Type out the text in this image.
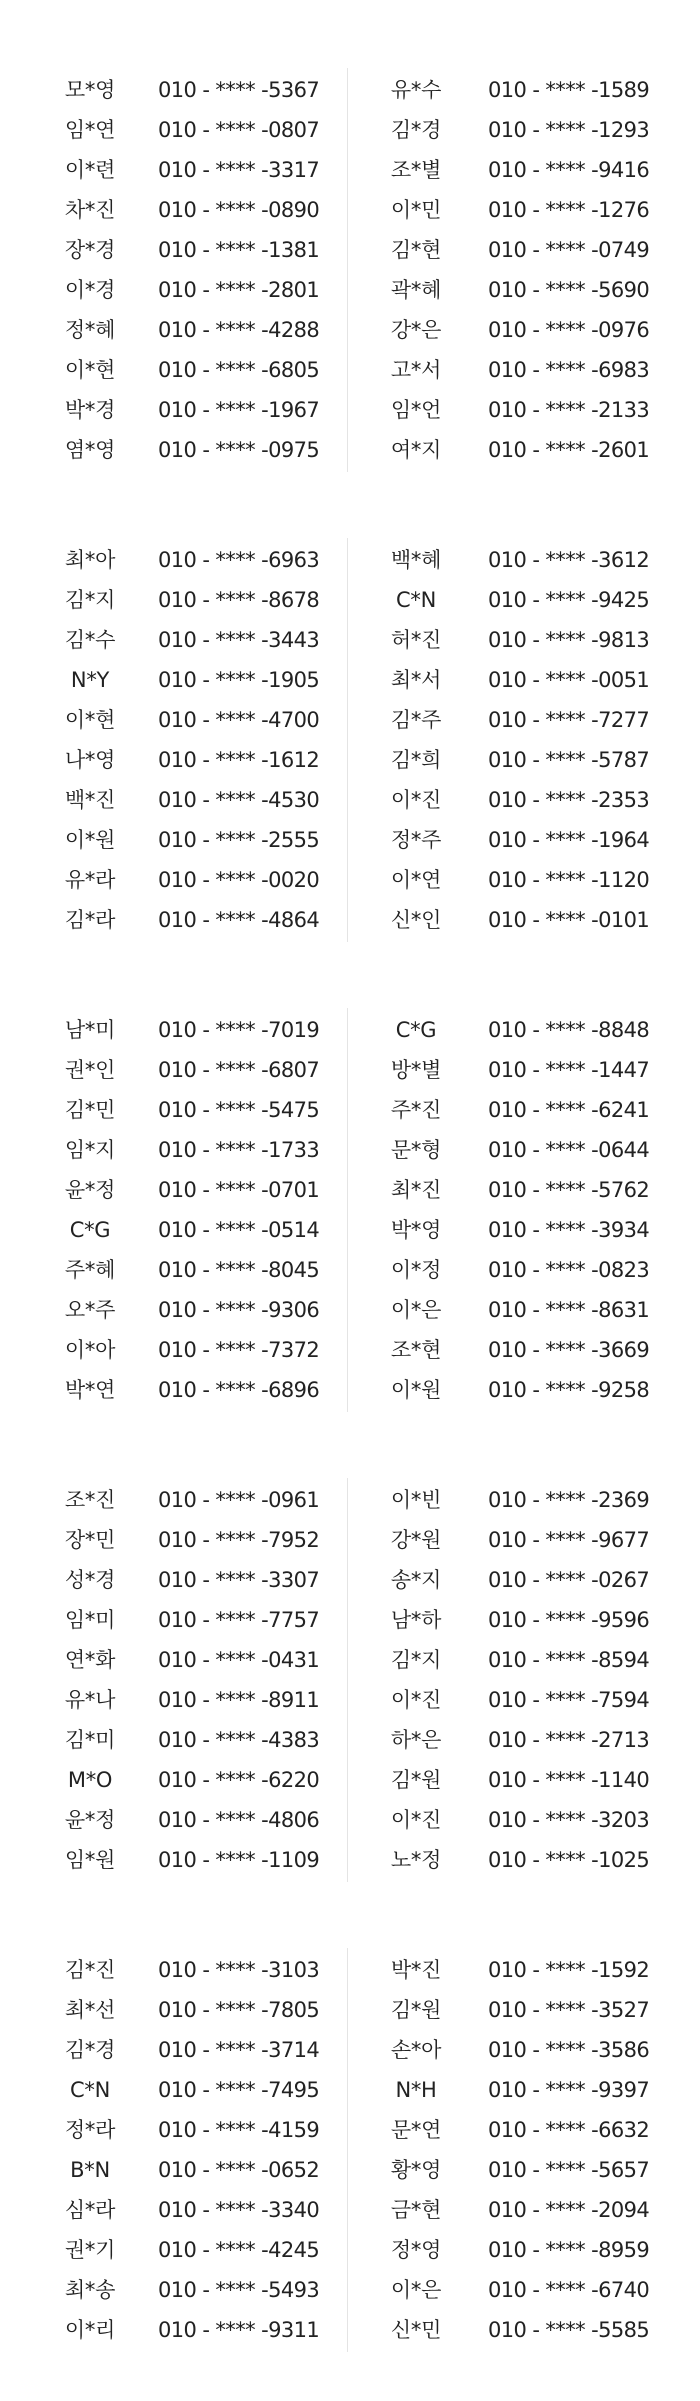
모*영 010 - **** -5367
임*연 010 - **** -0807
이*련 010 - **** -3317
차*진 010 - **** -0890
장*경 010 - **** -1381
이*경 010 - **** -2801
정*혜 010 - **** -4288
이*현 010 - **** -6805
박*경 010 - **** -1967
염*영 010 - **** -0975
유*수 010 - **** -1589
김*경 010 - **** -1293
조*별 010 - **** -9416
이*민 010 - **** -1276
김*현 010 - **** -0749
곽*혜 010 - **** -5690
강*은 010 - **** -0976
고*서 010 - **** -6983
임*언 010 - **** -2133
여*지 010 - **** -2601
최*아 010 - **** -6963
김*지 010 - **** -8678
김*수 010 - **** -3443
N*Y	010 - **** -1905
이*현 010 - **** -4700
나*영 010 - **** -1612
백*진 010 - **** -4530
이*원 010 - **** -2555
유*라 010 - **** -0020
김*라 010 - **** -4864
백*혜 010 - **** -3612
C*N 010 - **** -9425
허*진 010 - **** -9813
최*서 010 - **** -0051
김*주 010 - **** -7277
김*희 010 - **** -5787
이*진 010 - **** -2353
정*주 010 - **** -1964
이*연 010 - **** -1120
신*인 010 - **** -0101
남*미 010 - **** -7019
권*인 010 - **** -6807
김*민 010 - **** -5475
임*지 010 - **** -1733
윤*정 010 - **** -0701
C*G 010 - **** -0514
주*혜 010 - **** -8045
오*주 010 - **** -9306
이*아 010 - **** -7372
박*연 010 - **** -6896
C*G 010 - **** -8848
방*별 010 - **** -1447
주*진 010 - **** -6241
문*형 010 - **** -0644
최*진 010 - **** -5762
박*영 010 - **** -3934
이*정 010 - **** -0823
이*은 010 - **** -8631
조*현 010 - **** -3669
이*원 010 - **** -9258
조*진 010 - **** -0961
장*민 010 - **** -7952
성*경 010 - **** -3307
임*미 010 - **** -7757
연*화 010 - **** -0431
유*나 010 - **** -8911
김*미 010 - **** -4383
M*O 010 - **** -6220
윤*정 010 - **** -4806
임*원 010 - **** -1109
이*빈 010 - **** -2369
강*원 010 - **** -9677
송*지 010 - **** -0267
남*하 010 - **** -9596
김*지 010 - **** -8594
이*진 010 - **** -7594
하*은 010 - **** -2713
김*원 010 - **** -1140
이*진 010 - **** -3203
노*정 010 - **** -1025
김*진 010 - **** -3103
최*선 010 - **** -7805
김*경 010 - **** -3714
C*N 010 - **** -7495
정*라 010 - **** -4159
B*N 010 - **** -0652
심*라 010 - **** -3340
권*기 010 - **** -4245
최*송 010 - **** -5493
이*리 010 - **** -9311
박*진 010 - **** -1592
김*원 010 - **** -3527
손*아 010 - **** -3586
N*H 010 - **** -9397
문*연 010 - **** -6632
황*영 010 - **** -5657
금*현 010 - **** -2094
정*영 010 - **** -8959
이*은 010 - **** -6740
신*민 010 - **** -5585
